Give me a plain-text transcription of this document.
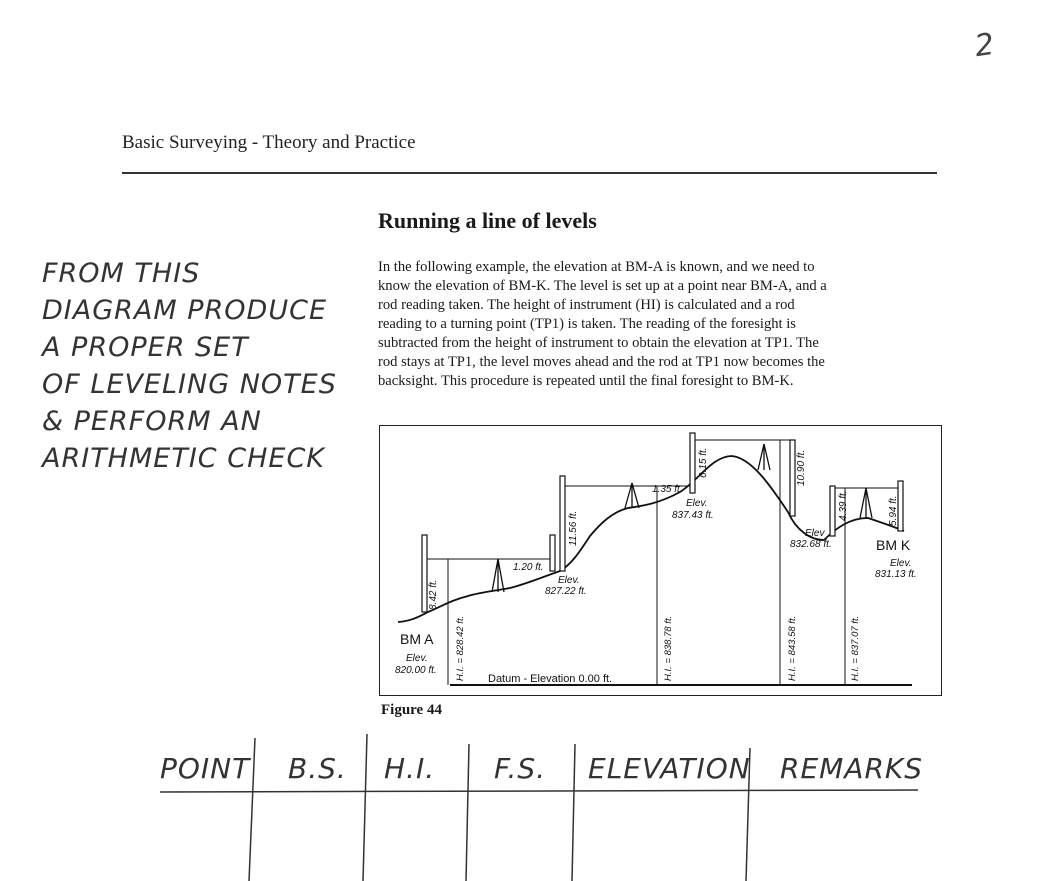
2
Basic Surveying - Theory and Practice
Running a line of levels
In the following example, the elevation at BM-A is known, and we need to
know the elevation of BM-K. The level is set up at a point near BM-A, and a
rod reading taken. The height of instrument (HI) is calculated and a rod
reading to a turning point (TP1) is taken. The reading of the foresight is
subtracted from the height of instrument to obtain the elevation at TP1. The
rod stays at TP1, the level moves ahead and the rod at TP1 now becomes the
backsight. This procedure is repeated until the final foresight to BM-K.
FROM THIS
DIAGRAM PRODUCE
A PROPER SET
OF LEVELING NOTES
& PERFORM AN
ARITHMETIC CHECK
BM A
Elev.
820.00 ft.
Elev.
827.22 ft.
Elev.
837.43 ft.
Elev
832.68 ft.	BM K
Elev.
831.13 ft.
8.42 ft.
1.20 ft.
11.56 ft.
1.35 ft.
6.15 ft.	10.90 ft.
4.39 ft.	5.94 ft.
H.I. = 828.42 ft.	H.I. = 838.78 ft.	H.I. = 843.58 ft.	H.I. = 837.07 ft.
Datum - Elevation 0.00 ft.
Figure 44
POINT B.S. H.I. F.S. ELEVATION REMARKS
